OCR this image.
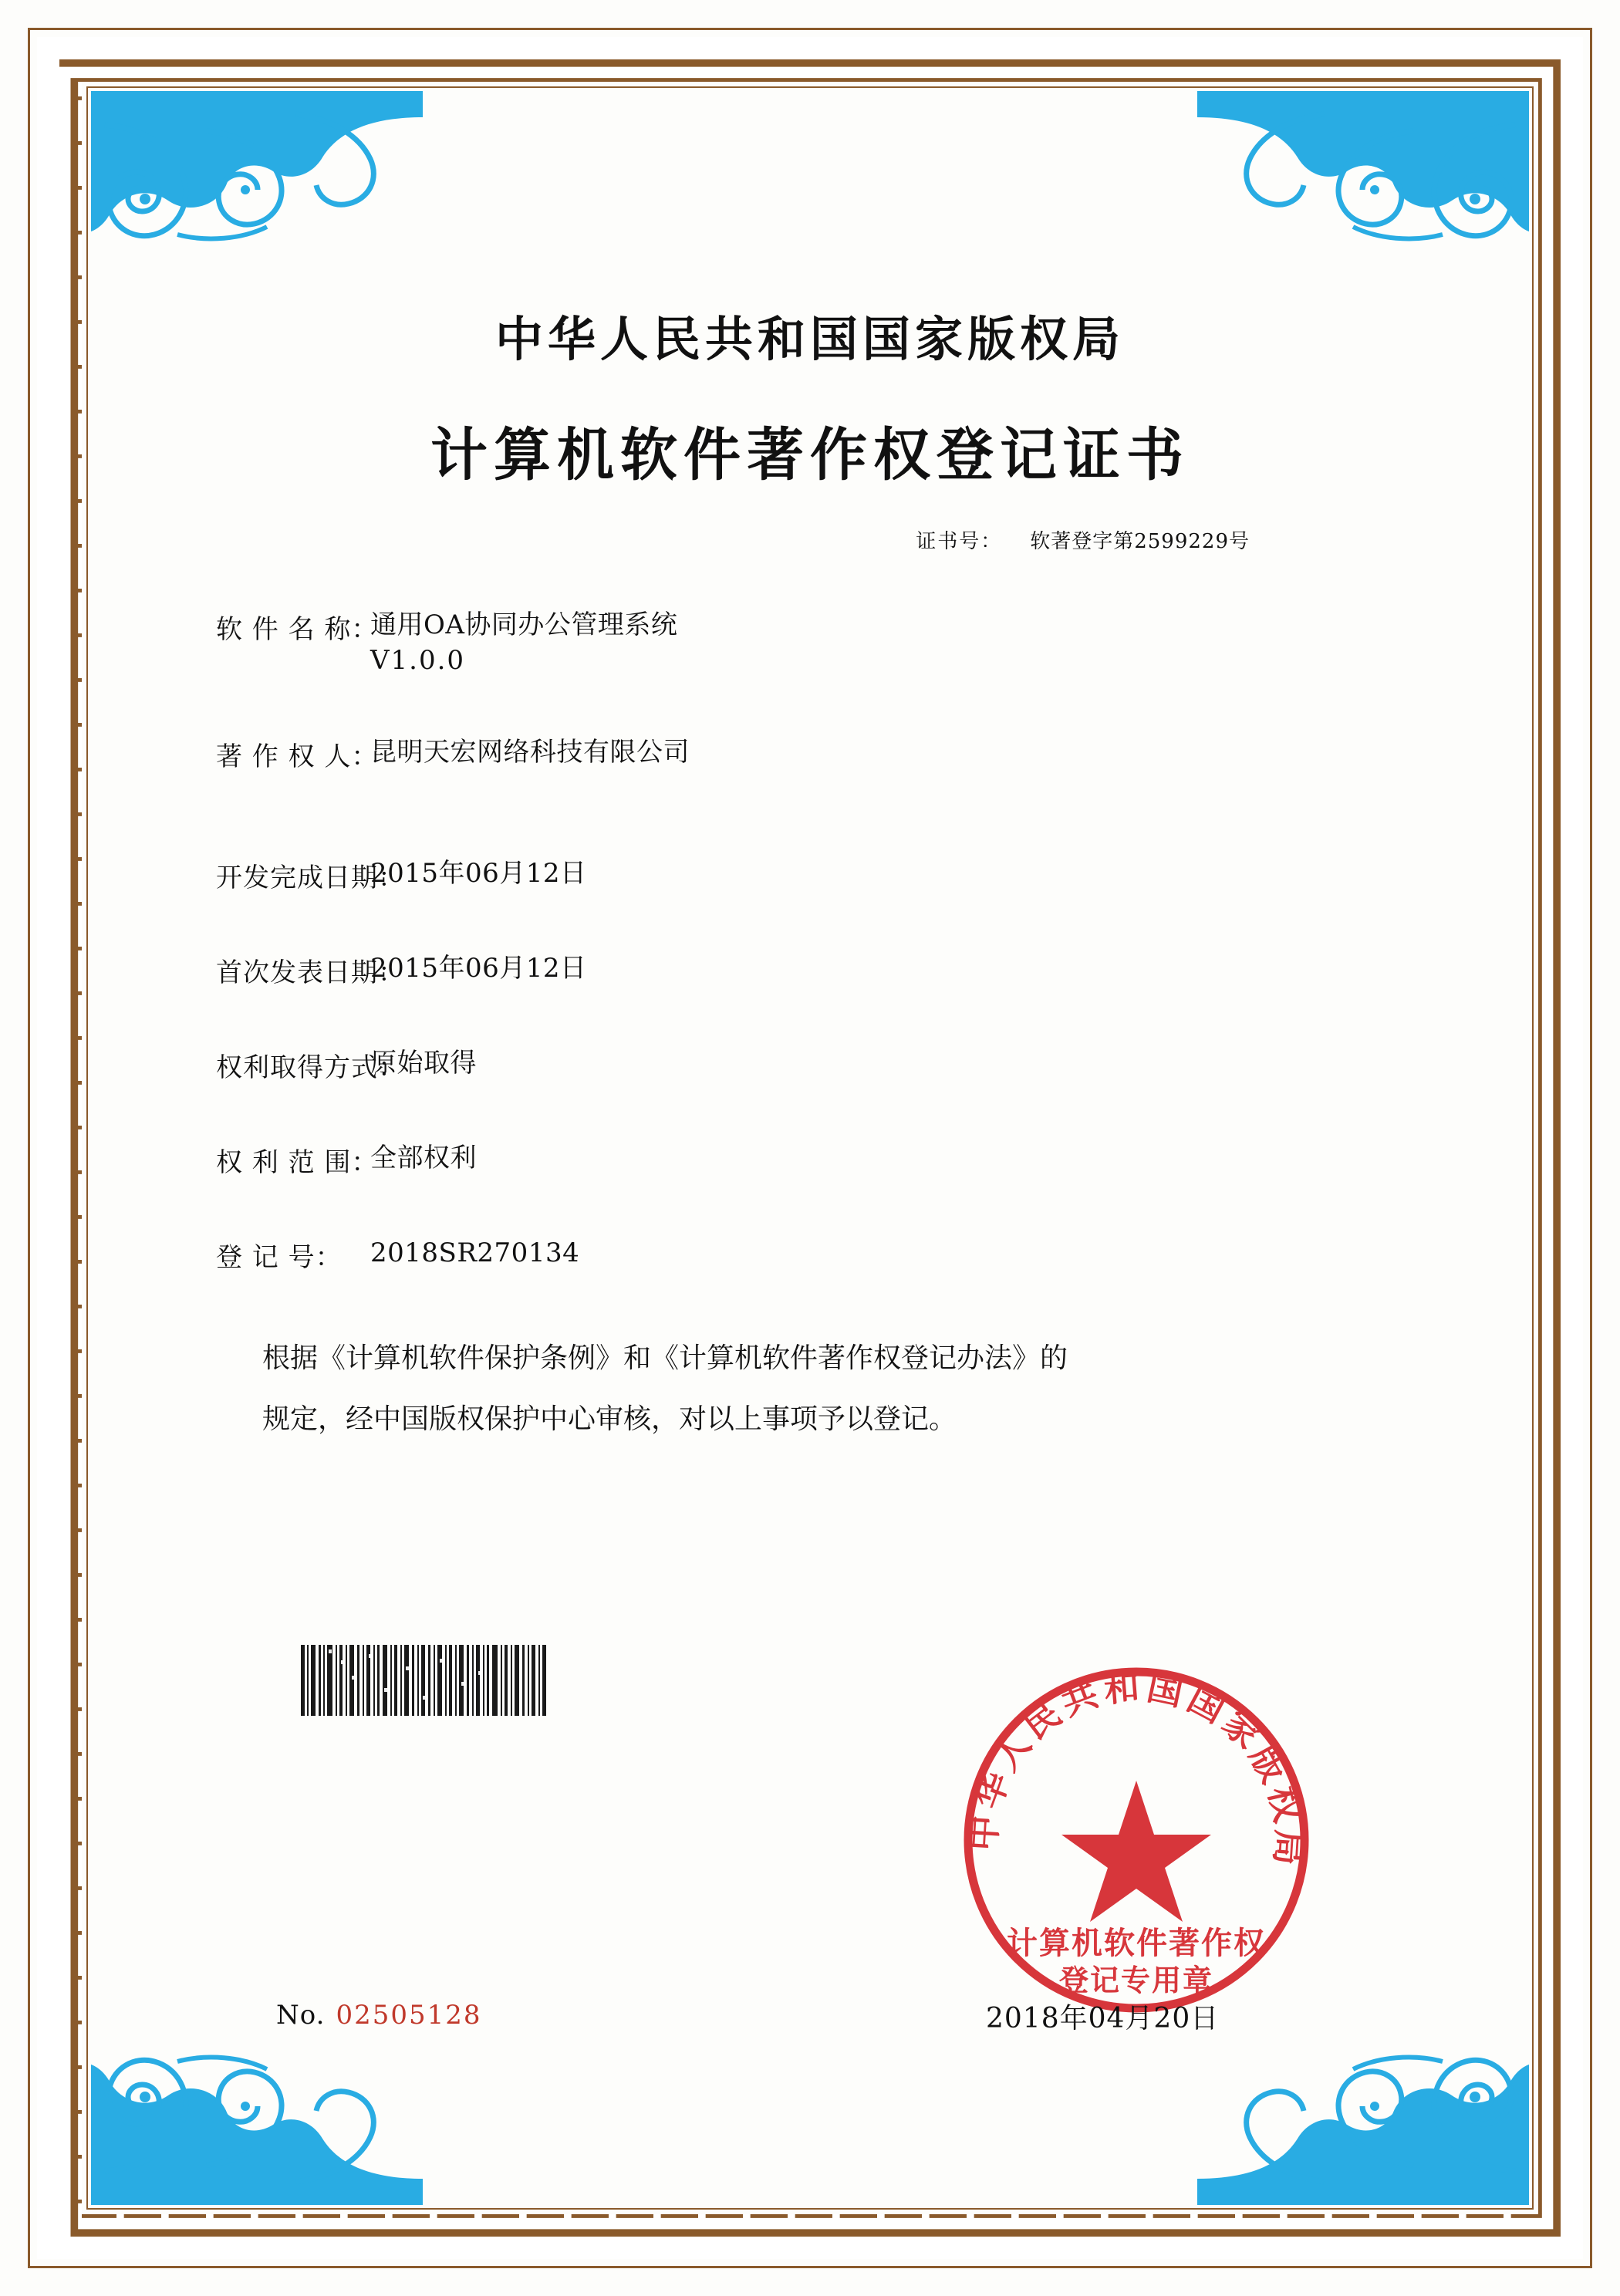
中华人民共和国国家版权局
计算机软件著作权登记证书
证书号： 软著登字第2599229号
软 件 名 称：
通用OA协同办公管理系统
V1.0.0
著 作 权 人：
昆明天宏网络科技有限公司
开发完成日期：
2015年06月12日
首次发表日期：
2015年06月12日
权利取得方式：
原始取得
权 利 范 围：
全部权利
登 记 号：	2018SR270134
根据《计算机软件保护条例》和《计算机软件著作权登记办法》的
规定，经中国版权保护中心审核，对以上事项予以登记。
中华人民共和国国家版权局
计算机软件著作权
登记专用章
No. 02505128	2018年04月20日
